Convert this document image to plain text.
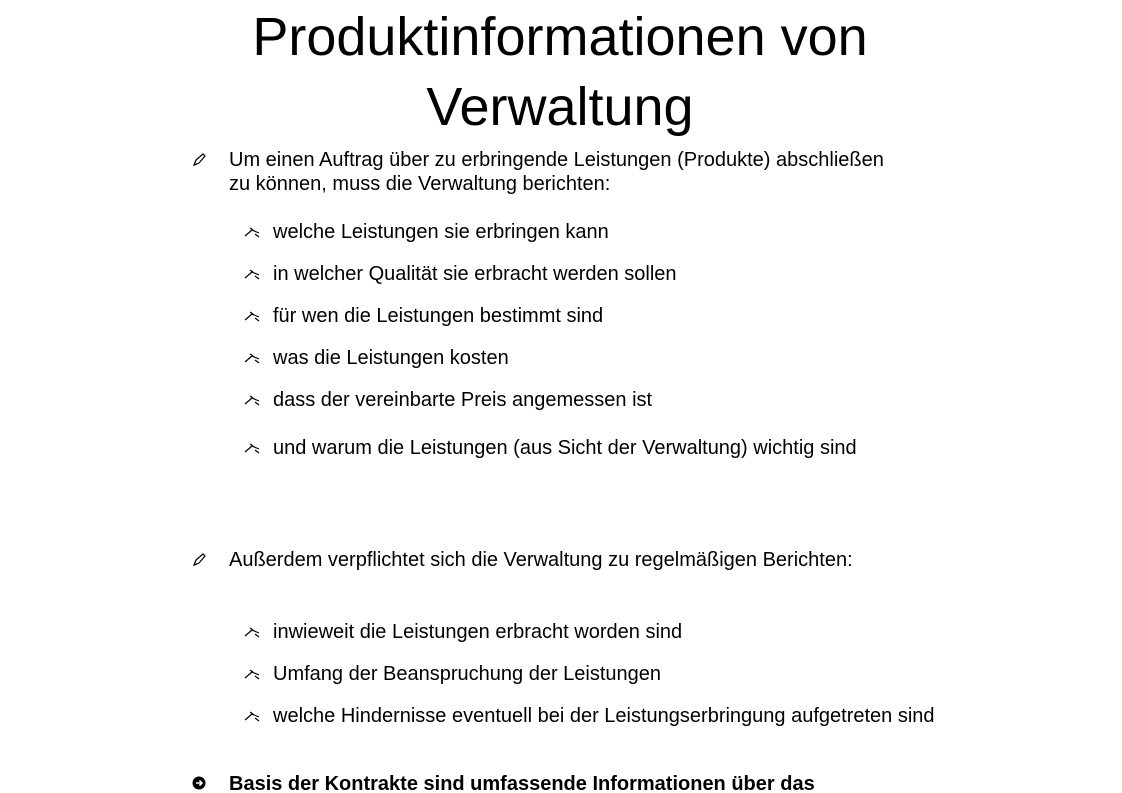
Produktinformationen von
Verwaltung
Um einen Auftrag über zu erbringende Leistungen (Produkte) abschließen zu können, muss die Verwaltung berichten:
welche Leistungen sie erbringen kann
in welcher Qualität sie erbracht werden sollen
für wen die Leistungen bestimmt sind
was die Leistungen kosten
dass der vereinbarte Preis angemessen ist
und warum die Leistungen (aus Sicht der Verwaltung) wichtig sind
Außerdem verpflichtet sich die Verwaltung zu regelmäßigen Berichten:
inwieweit die Leistungen erbracht worden sind
Umfang der Beanspruchung der Leistungen
welche Hindernisse eventuell bei der Leistungserbringung aufgetreten sind
Basis der Kontrakte sind umfassende Informationen über das
